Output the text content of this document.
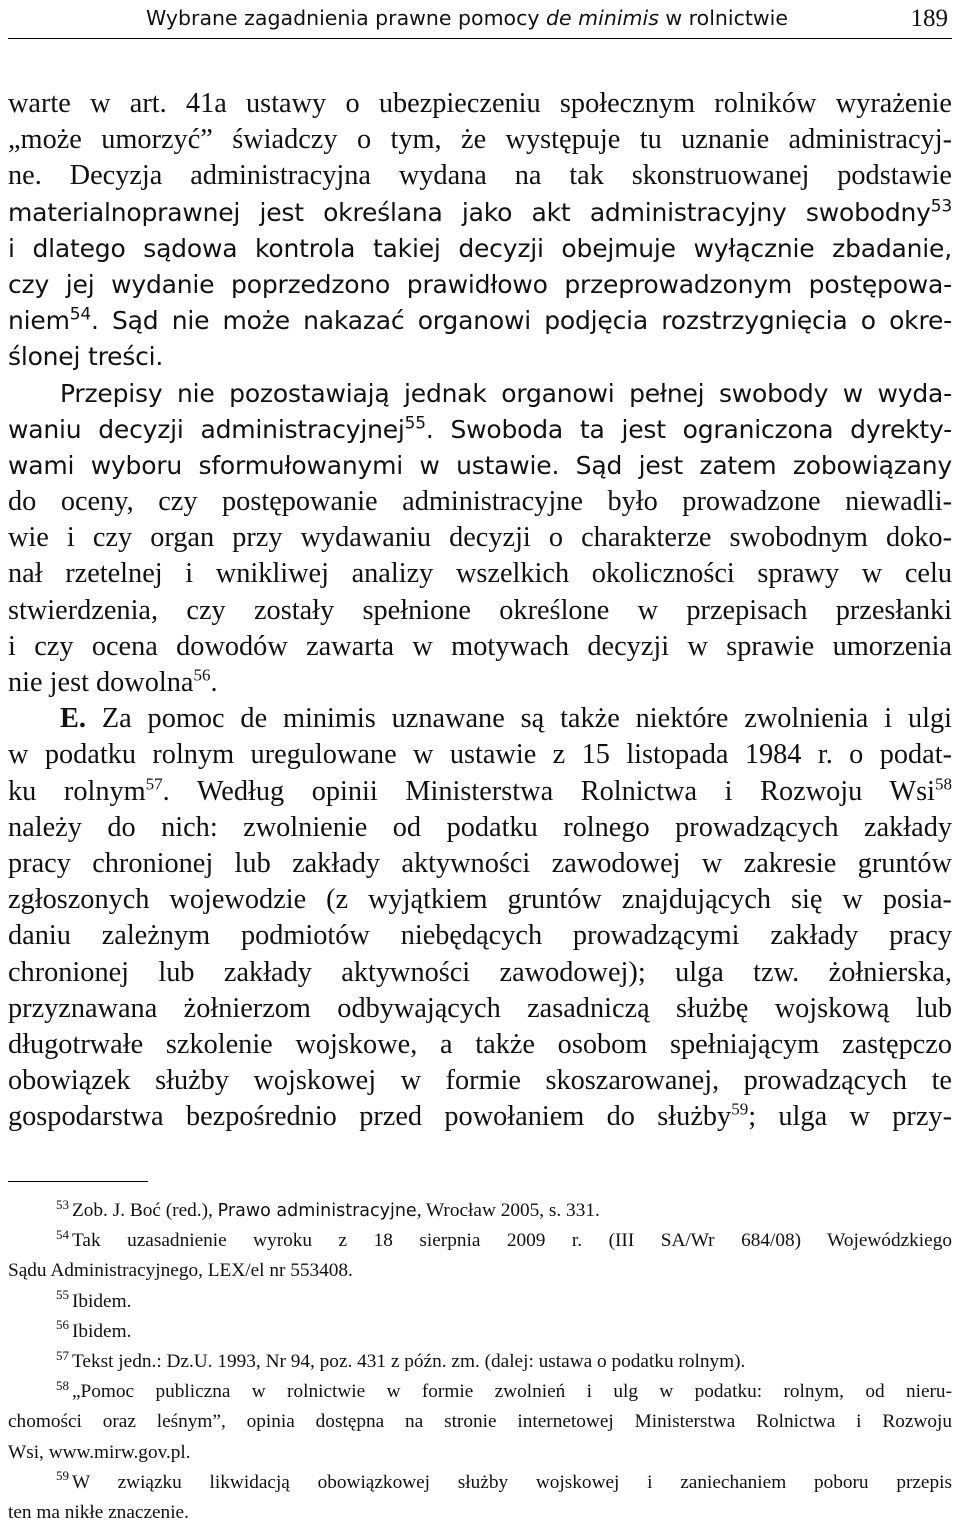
Wybrane zagadnienia prawne pomocy de minimis w rolnictwie	189
warte w art. 41a ustawy o ubezpieczeniu społecznym rolników wyrażenie
„może umorzyć” świadczy o tym, że występuje tu uznanie administracyj-
ne. Decyzja administracyjna wydana na tak skonstruowanej podstawie
materialnoprawnej jest określana jako akt administracyjny swobodny$^{53}$
i dlatego sądowa kontrola takiej decyzji obejmuje wyłącznie zbadanie,
czy jej wydanie poprzedzono prawidłowo przeprowadzonym postępowa-
niem$^{54}$. Sąd nie może nakazać organowi podjęcia rozstrzygnięcia o okre-
ślonej treści.
Przepisy nie pozostawiają jednak organowi pełnej swobody w wyda-
waniu decyzji administracyjnej$^{55}$. Swoboda ta jest ograniczona dyrekty-
wami wyboru sformułowanymi w ustawie. Sąd jest zatem zobowiązany
do oceny, czy postępowanie administracyjne było prowadzone niewadli-
wie i czy organ przy wydawaniu decyzji o charakterze swobodnym doko-
nał rzetelnej i wnikliwej analizy wszelkich okoliczności sprawy w celu
stwierdzenia, czy zostały spełnione określone w przepisach przesłanki
i czy ocena dowodów zawarta w motywach decyzji w sprawie umorzenia
nie jest dowolna$^{56}$.
E. Za pomoc de minimis uznawane są także niektóre zwolnienia i ulgi
w podatku rolnym uregulowane w ustawie z 15 listopada 1984 r. o podat-
ku rolnym$^{57}$. Według opinii Ministerstwa Rolnictwa i Rozwoju Wsi$^{58}$
należy do nich: zwolnienie od podatku rolnego prowadzących zakłady
pracy chronionej lub zakłady aktywności zawodowej w zakresie gruntów
zgłoszonych wojewodzie (z wyjątkiem gruntów znajdujących się w posia-
daniu zależnym podmiotów niebędących prowadzącymi zakłady pracy
chronionej lub zakłady aktywności zawodowej); ulga tzw. żołnierska,
przyznawana żołnierzom odbywających zasadniczą służbę wojskową lub
długotrwałe szkolenie wojskowe, a także osobom spełniającym zastępczo
obowiązek służby wojskowej w formie skoszarowanej, prowadzących te
gospodarstwa bezpośrednio przed powołaniem do służby$^{59}$; ulga w przy-
$^{53}$ Zob. J. Boć (red.), Prawo administracyjne, Wrocław 2005, s. 331.
$^{54}$ Tak uzasadnienie wyroku z 18 sierpnia 2009 r. (III SA/Wr 684/08) Wojewódzkiego
Sądu Administracyjnego, LEX/el nr 553408.
$^{55}$ Ibidem.
$^{56}$ Ibidem.
$^{57}$ Tekst jedn.: Dz.U. 1993, Nr 94, poz. 431 z późn. zm. (dalej: ustawa o podatku rolnym).
$^{58}$ „Pomoc publiczna w rolnictwie w formie zwolnień i ulg w podatku: rolnym, od nieru-
chomości oraz leśnym”, opinia dostępna na stronie internetowej Ministerstwa Rolnictwa i Rozwoju
Wsi, www.mirw.gov.pl.
$^{59}$ W związku likwidacją obowiązkowej służby wojskowej i zaniechaniem poboru przepis
ten ma nikłe znaczenie.
